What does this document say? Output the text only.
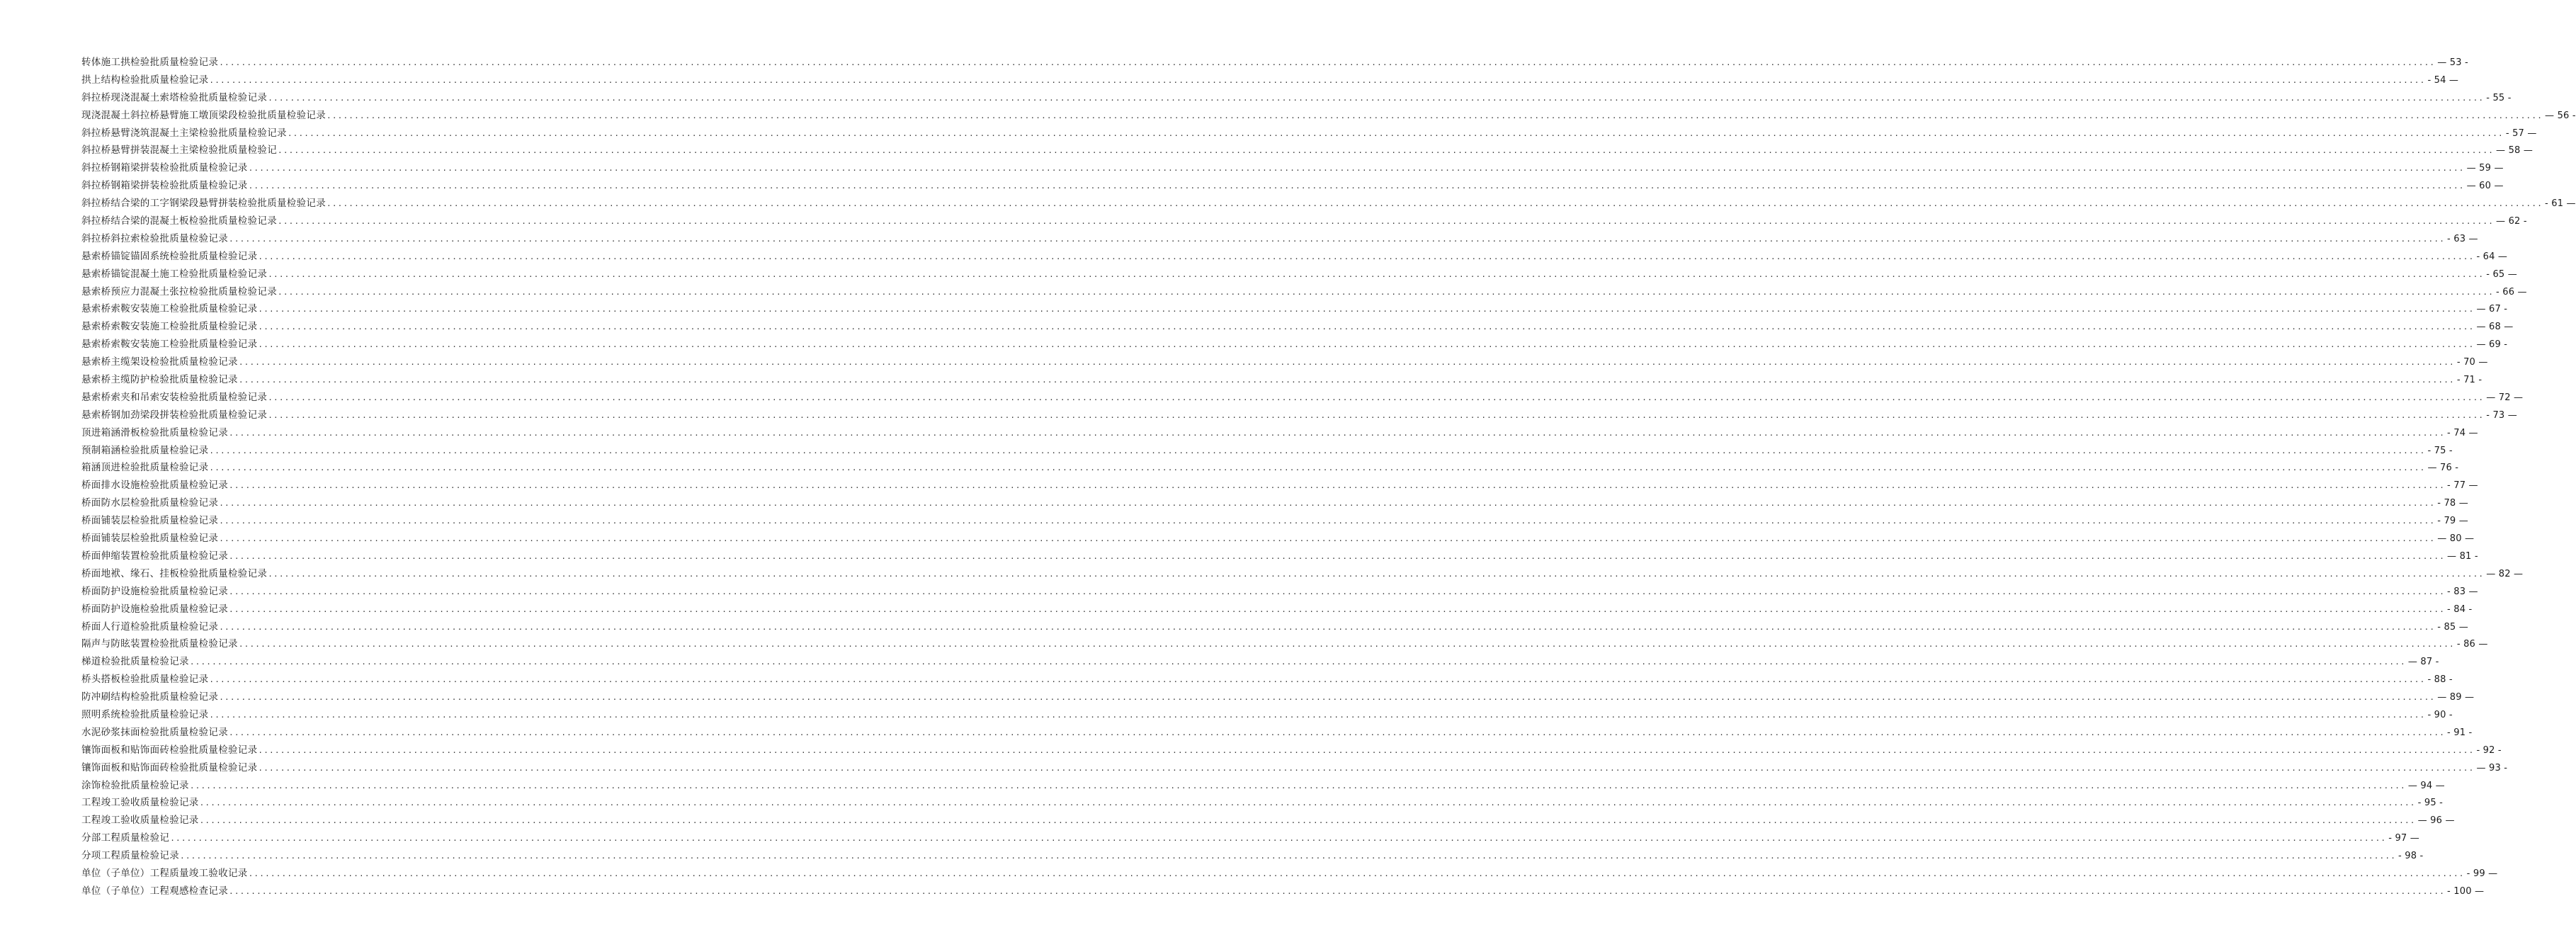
转体施工拱检验批质量检验记录 ................................................................................................................................................................................................................................................................................................................................................................................................................ — 53 -
拱上结构检验批质量检验记录 ................................................................................................................................................................................................................................................................................................................................................................................................................ - 54 —
斜拉桥现浇混凝土索塔检验批质量检验记录 ................................................................................................................................................................................................................................................................................................................................................................................................................ - 55 -
现浇混凝土斜拉桥悬臂施工墩顶梁段检验批质量检验记录 ................................................................................................................................................................................................................................................................................................................................................................................................................ — 56 -
斜拉桥悬臂浇筑混凝土主梁检验批质量检验记录 ................................................................................................................................................................................................................................................................................................................................................................................................................ - 57 —
斜拉桥悬臂拼装混凝土主梁检验批质量检验记 ................................................................................................................................................................................................................................................................................................................................................................................................................ — 58 —
斜拉桥钢箱梁拼装检验批质量检验记录 ................................................................................................................................................................................................................................................................................................................................................................................................................ — 59 —
斜拉桥钢箱梁拼装检验批质量检验记录 ................................................................................................................................................................................................................................................................................................................................................................................................................ — 60 —
斜拉桥结合梁的工字钢梁段悬臂拼装检验批质量检验记录 ................................................................................................................................................................................................................................................................................................................................................................................................................ - 61 —
斜拉桥结合梁的混凝土板检验批质量检验记录 ................................................................................................................................................................................................................................................................................................................................................................................................................ — 62 -
斜拉桥斜拉索检验批质量检验记录 ................................................................................................................................................................................................................................................................................................................................................................................................................ - 63 —
悬索桥锚锭锚固系统检验批质量检验记录 ................................................................................................................................................................................................................................................................................................................................................................................................................ - 64 —
悬索桥锚锭混凝土施工检验批质量检验记录 ................................................................................................................................................................................................................................................................................................................................................................................................................ - 65 —
悬索桥预应力混凝土张拉检验批质量检验记录 ................................................................................................................................................................................................................................................................................................................................................................................................................ - 66 —
悬索桥索鞍安装施工检验批质量检验记录 ................................................................................................................................................................................................................................................................................................................................................................................................................ — 67 -
悬索桥索鞍安装施工检验批质量检验记录 ................................................................................................................................................................................................................................................................................................................................................................................................................ — 68 —
悬索桥索鞍安装施工检验批质量检验记录 ................................................................................................................................................................................................................................................................................................................................................................................................................ — 69 -
悬索桥主缆架设检验批质量检验记录 ................................................................................................................................................................................................................................................................................................................................................................................................................ - 70 —
悬索桥主缆防护检验批质量检验记录 ................................................................................................................................................................................................................................................................................................................................................................................................................ - 71 -
悬索桥索夹和吊索安装检验批质量检验记录 ................................................................................................................................................................................................................................................................................................................................................................................................................ — 72 —
悬索桥钢加劲梁段拼装检验批质量检验记录 ................................................................................................................................................................................................................................................................................................................................................................................................................ - 73 —
顶进箱涵滑板检验批质量检验记录 ................................................................................................................................................................................................................................................................................................................................................................................................................ - 74 —
预制箱涵检验批质量检验记录 ................................................................................................................................................................................................................................................................................................................................................................................................................ - 75 -
箱涵顶进检验批质量检验记录 ................................................................................................................................................................................................................................................................................................................................................................................................................ — 76 -
桥面排水设施检验批质量检验记录 ................................................................................................................................................................................................................................................................................................................................................................................................................ - 77 —
桥面防水层检验批质量检验记录 ................................................................................................................................................................................................................................................................................................................................................................................................................ - 78 —
桥面铺装层检验批质量检验记录 ................................................................................................................................................................................................................................................................................................................................................................................................................ - 79 —
桥面铺装层检验批质量检验记录 ................................................................................................................................................................................................................................................................................................................................................................................................................ — 80 —
桥面伸缩装置检验批质量检验记录 ................................................................................................................................................................................................................................................................................................................................................................................................................ — 81 -
桥面地袱、缘石、挂板检验批质量检验记录 ................................................................................................................................................................................................................................................................................................................................................................................................................ — 82 —
桥面防护设施检验批质量检验记录 ................................................................................................................................................................................................................................................................................................................................................................................................................ - 83 —
桥面防护设施检验批质量检验记录 ................................................................................................................................................................................................................................................................................................................................................................................................................ - 84 -
桥面人行道检验批质量检验记录 ................................................................................................................................................................................................................................................................................................................................................................................................................ - 85 —
隔声与防眩装置检验批质量检验记录 ................................................................................................................................................................................................................................................................................................................................................................................................................ - 86 —
梯道检验批质量检验记录 ................................................................................................................................................................................................................................................................................................................................................................................................................ — 87 -
桥头搭板检验批质量检验记录 ................................................................................................................................................................................................................................................................................................................................................................................................................ - 88 -
防冲刷结构检验批质量检验记录 ................................................................................................................................................................................................................................................................................................................................................................................................................ — 89 —
照明系统检验批质量检验记录 ................................................................................................................................................................................................................................................................................................................................................................................................................ - 90 -
水泥砂浆抹面检验批质量检验记录 ................................................................................................................................................................................................................................................................................................................................................................................................................ - 91 -
镶饰面板和贴饰面砖检验批质量检验记录 ................................................................................................................................................................................................................................................................................................................................................................................................................ - 92 -
镶饰面板和贴饰面砖检验批质量检验记录 ................................................................................................................................................................................................................................................................................................................................................................................................................ — 93 -
涂饰检验批质量检验记录 ................................................................................................................................................................................................................................................................................................................................................................................................................ — 94 —
工程竣工验收质量检验记录 ................................................................................................................................................................................................................................................................................................................................................................................................................ - 95 -
工程竣工验收质量检验记录 ................................................................................................................................................................................................................................................................................................................................................................................................................ — 96 —
分部工程质量检验记 ................................................................................................................................................................................................................................................................................................................................................................................................................ - 97 —
分项工程质量检验记录 ................................................................................................................................................................................................................................................................................................................................................................................................................ - 98 -
单位（子单位）工程质量竣工验收记录 ................................................................................................................................................................................................................................................................................................................................................................................................................ - 99 —
单位（子单位）工程观感检查记录 ................................................................................................................................................................................................................................................................................................................................................................................................................ - 100 —
